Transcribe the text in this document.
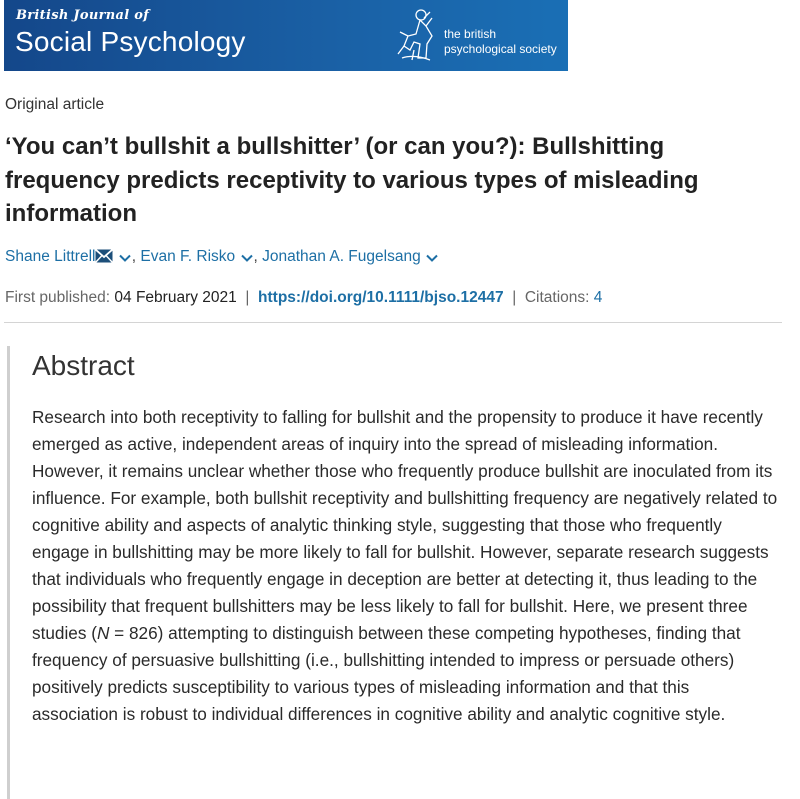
British Journal of
Social Psychology	the british
psychological society
Original article
‘You can’t bullshit a bullshitter’ (or can you?): Bullshitting frequency predicts receptivity to various types of misleading information
Shane Littrell , Evan F. Risko , Jonathan A. Fugelsang
First published: 04 February 2021  |  https://doi.org/10.1111/bjso.12447  |  Citations: 4
Abstract
Research into both receptivity to falling for bullshit and the propensity to produce it have recently emerged as active, independent areas of inquiry into the spread of misleading information. However, it remains unclear whether those who frequently produce bullshit are inoculated from its influence. For example, both bullshit receptivity and bullshitting frequency are negatively related to cognitive ability and aspects of analytic thinking style, suggesting that those who frequently engage in bullshitting may be more likely to fall for bullshit. However, separate research suggests that individuals who frequently engage in deception are better at detecting it, thus leading to the possibility that frequent bullshitters may be less likely to fall for bullshit. Here, we present three studies (N = 826) attempting to distinguish between these competing hypotheses, finding that frequency of persuasive bullshitting (i.e., bullshitting intended to impress or persuade others) positively predicts susceptibility to various types of misleading information and that this association is robust to individual differences in cognitive ability and analytic cognitive style.
